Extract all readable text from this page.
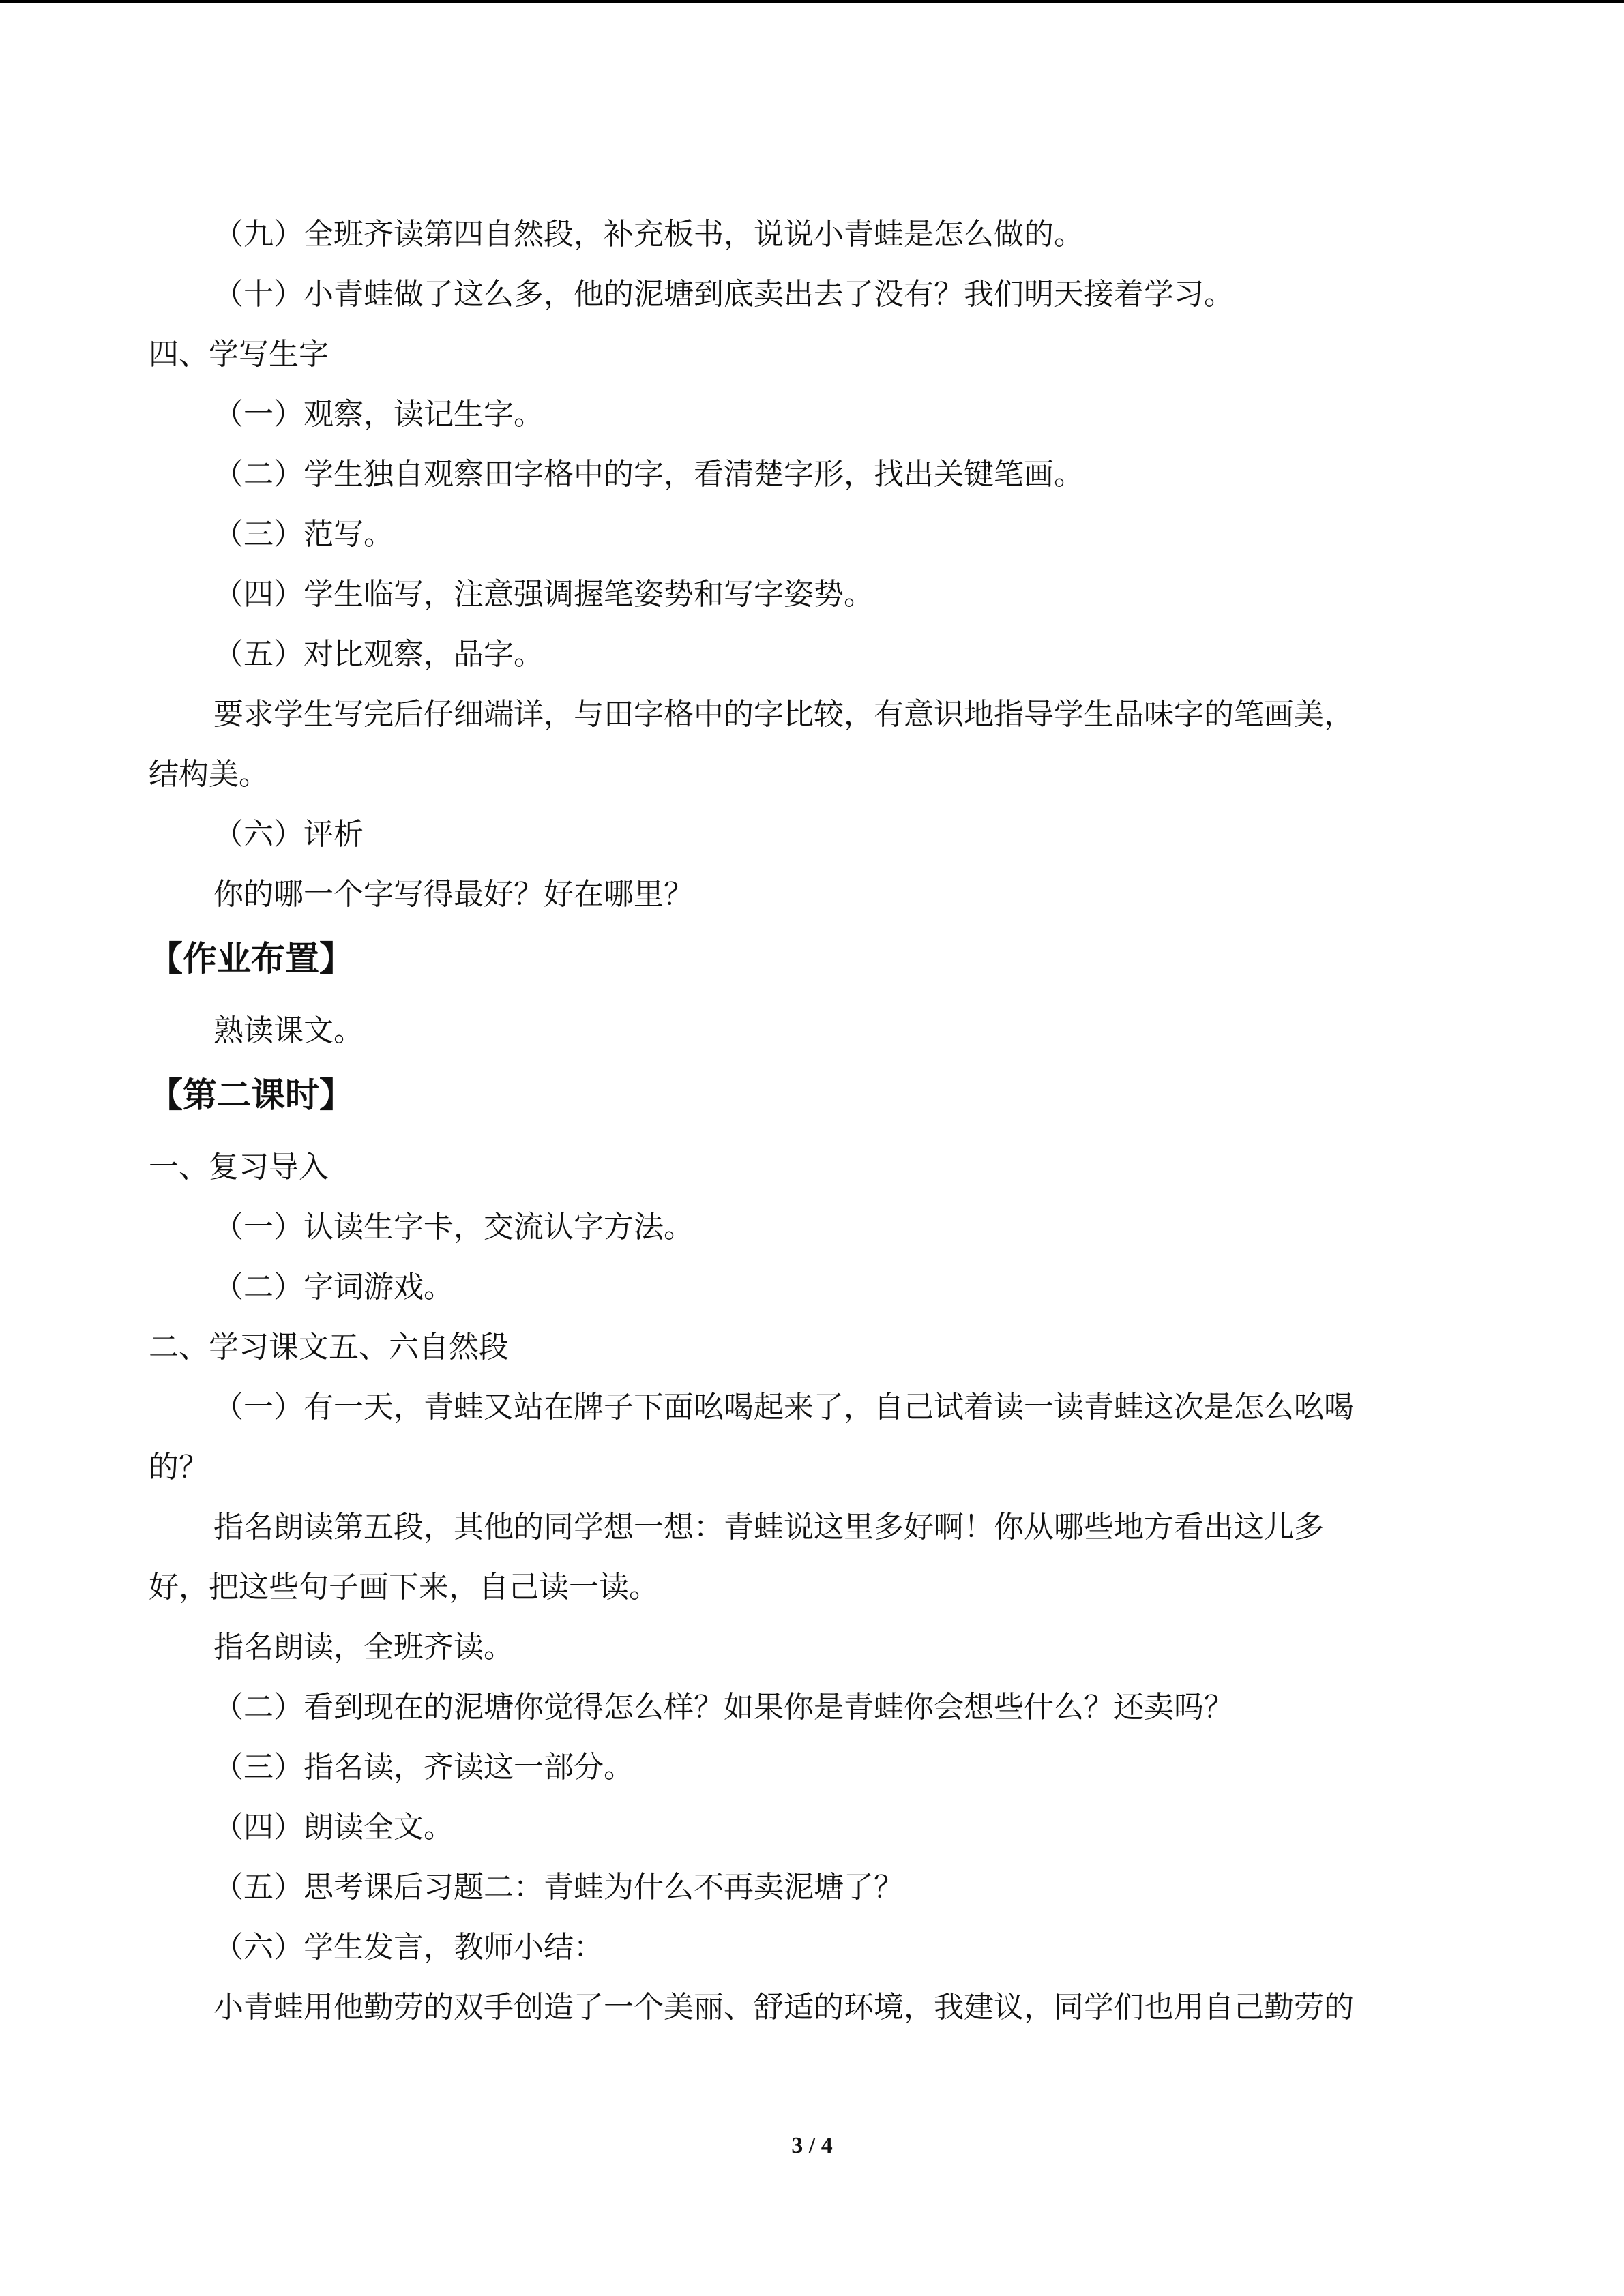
（九）全班齐读第四自然段，补充板书，说说小青蛙是怎么做的。
（十）小青蛙做了这么多，他的泥塘到底卖出去了没有？我们明天接着学习。
四、学写生字
（一）观察，读记生字。
（二）学生独自观察田字格中的字，看清楚字形，找出关键笔画。
（三）范写。
（四）学生临写，注意强调握笔姿势和写字姿势。
（五）对比观察，品字。
要求学生写完后仔细端详，与田字格中的字比较，有意识地指导学生品味字的笔画美，
结构美。
（六）评析
你的哪一个字写得最好？好在哪里？
【作业布置】
熟读课文。
【第二课时】
一、复习导入
（一）认读生字卡，交流认字方法。
（二）字词游戏。
二、学习课文五、六自然段
（一）有一天，青蛙又站在牌子下面吆喝起来了，自己试着读一读青蛙这次是怎么吆喝
的？
指名朗读第五段，其他的同学想一想：青蛙说这里多好啊！你从哪些地方看出这儿多
好，把这些句子画下来，自己读一读。
指名朗读，全班齐读。
（二）看到现在的泥塘你觉得怎么样？如果你是青蛙你会想些什么？还卖吗？
（三）指名读，齐读这一部分。
（四）朗读全文。
（五）思考课后习题二：青蛙为什么不再卖泥塘了？
（六）学生发言，教师小结：
小青蛙用他勤劳的双手创造了一个美丽、舒适的环境，我建议，同学们也用自己勤劳的
3 / 4
